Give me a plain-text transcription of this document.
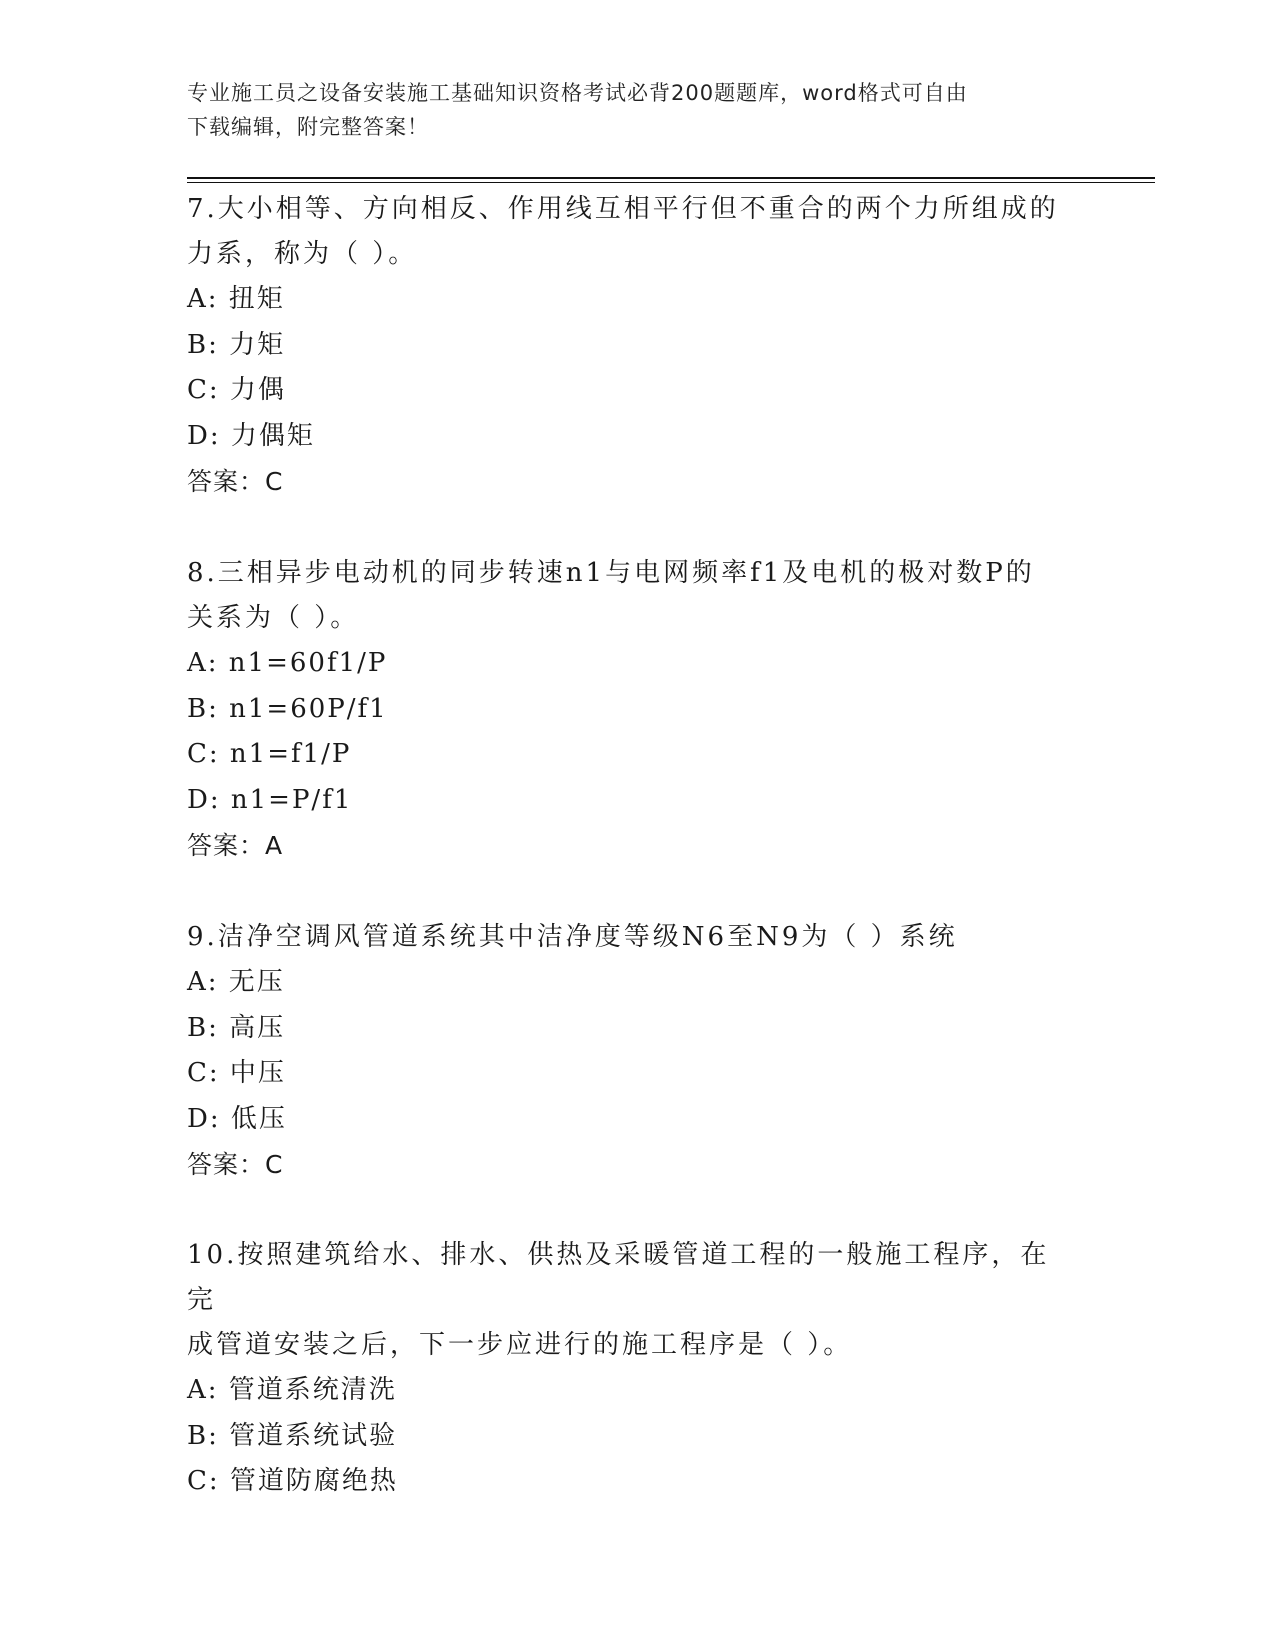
专业施工员之设备安装施工基础知识资格考试必背200题题库，word格式可自由
下载编辑，附完整答案！

7.大小相等、方向相反、作用线互相平行但不重合的两个力所组成的
力系，称为（ ）。

A: 扭矩

B: 力矩

C: 力偶

D: 力偶矩

答案：C

8.三相异步电动机的同步转速n1与电网频率f1及电机的极对数P的
关系为（ ）。

A: n1=60f1/P

B: n1=60P/f1

C: n1=f1/P

D: n1=P/f1

答案：A

9.洁净空调风管道系统其中洁净度等级N6至N9为（ ）系统

A: 无压

B: 高压

C: 中压

D: 低压

答案：C

10.按照建筑给水、排水、供热及采暖管道工程的一般施工程序，在完
成管道安装之后，下一步应进行的施工程序是（ ）。

A: 管道系统清洗

B: 管道系统试验

C: 管道防腐绝热
